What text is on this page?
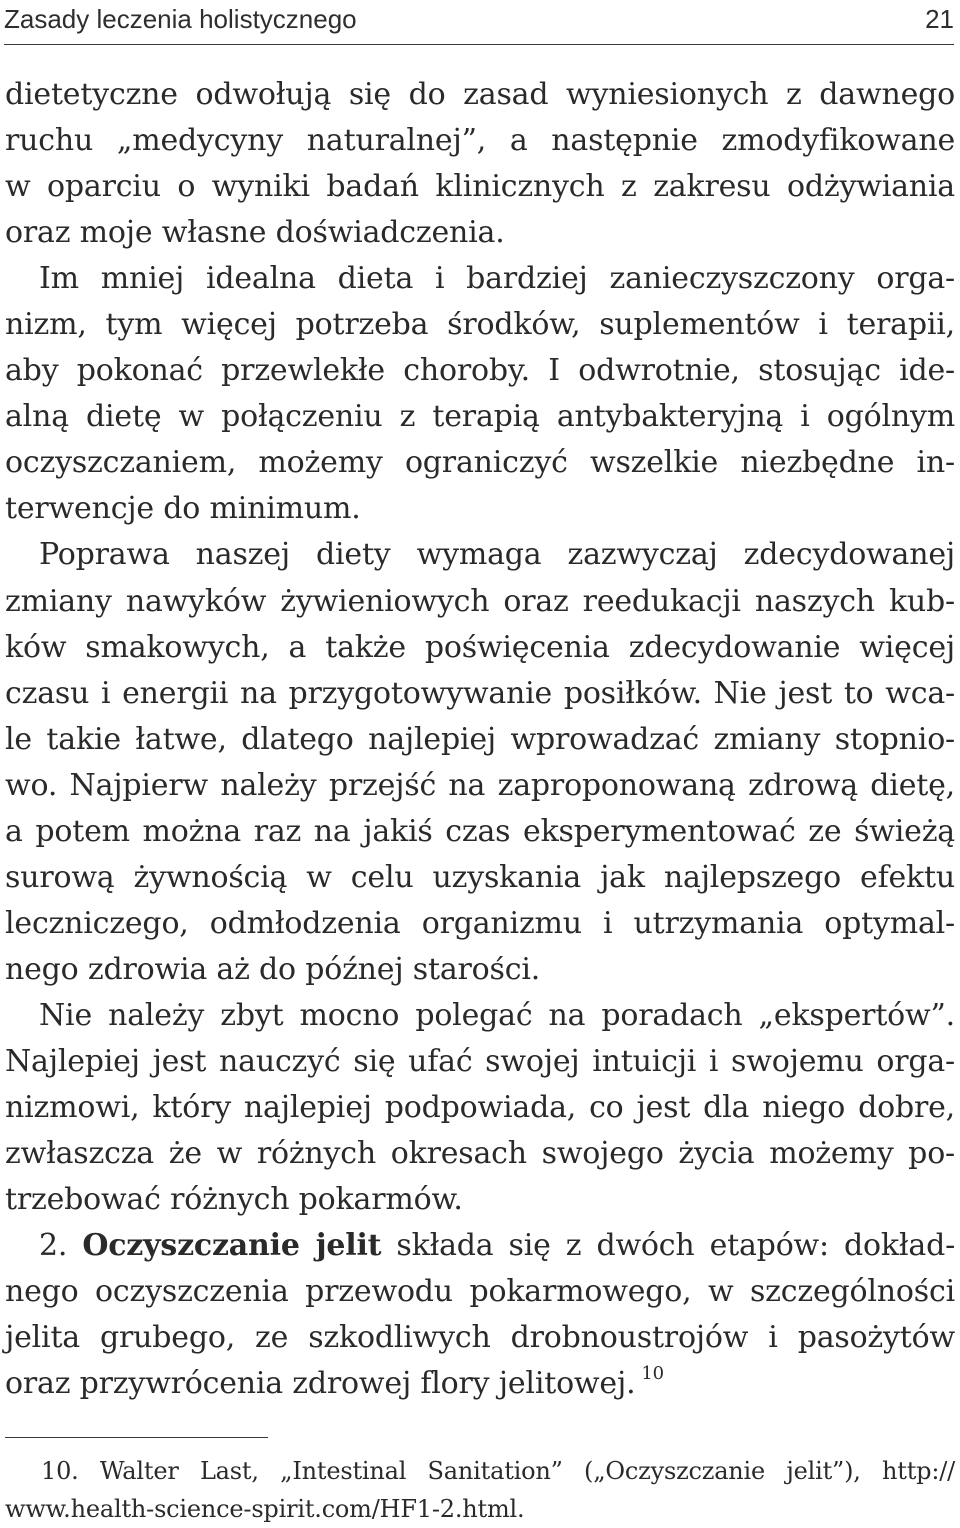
Zasady leczenia holistycznego	21
dietetyczne odwołują się do zasad wyniesionych z dawnego
ruchu „medycyny naturalnej”, a następnie zmodyfikowane
w oparciu o wyniki badań klinicznych z zakresu odżywiania
oraz moje własne doświadczenia.
Im mniej idealna dieta i bardziej zanieczyszczony orga-
nizm, tym więcej potrzeba środków, suplementów i terapii,
aby pokonać przewlekłe choroby. I odwrotnie, stosując ide-
alną dietę w połączeniu z terapią antybakteryjną i ogólnym
oczyszczaniem, możemy ograniczyć wszelkie niezbędne in-
terwencje do minimum.
Poprawa naszej diety wymaga zazwyczaj zdecydowanej
zmiany nawyków żywieniowych oraz reedukacji naszych kub-
ków smakowych, a także poświęcenia zdecydowanie więcej
czasu i energii na przygotowywanie posiłków. Nie jest to wca-
le takie łatwe, dlatego najlepiej wprowadzać zmiany stopnio-
wo. Najpierw należy przejść na zaproponowaną zdrową dietę,
a potem można raz na jakiś czas eksperymentować ze świeżą
surową żywnością w celu uzyskania jak najlepszego efektu
leczniczego, odmłodzenia organizmu i utrzymania optymal-
nego zdrowia aż do późnej starości.
Nie należy zbyt mocno polegać na poradach „ekspertów”.
Najlepiej jest nauczyć się ufać swojej intuicji i swojemu orga-
nizmowi, który najlepiej podpowiada, co jest dla niego dobre,
zwłaszcza że w różnych okresach swojego życia możemy po-
trzebować różnych pokarmów.
2. Oczyszczanie jelit składa się z dwóch etapów: dokład-
nego oczyszczenia przewodu pokarmowego, w szczególności
jelita grubego, ze szkodliwych drobnoustrojów i pasożytów
oraz przywrócenia zdrowej flory jelitowej. $^{10}$
10. Walter Last, „Intestinal Sanitation” („Oczyszczanie jelit”), http://
www.health-science-spirit.com/HF1-2.html.
